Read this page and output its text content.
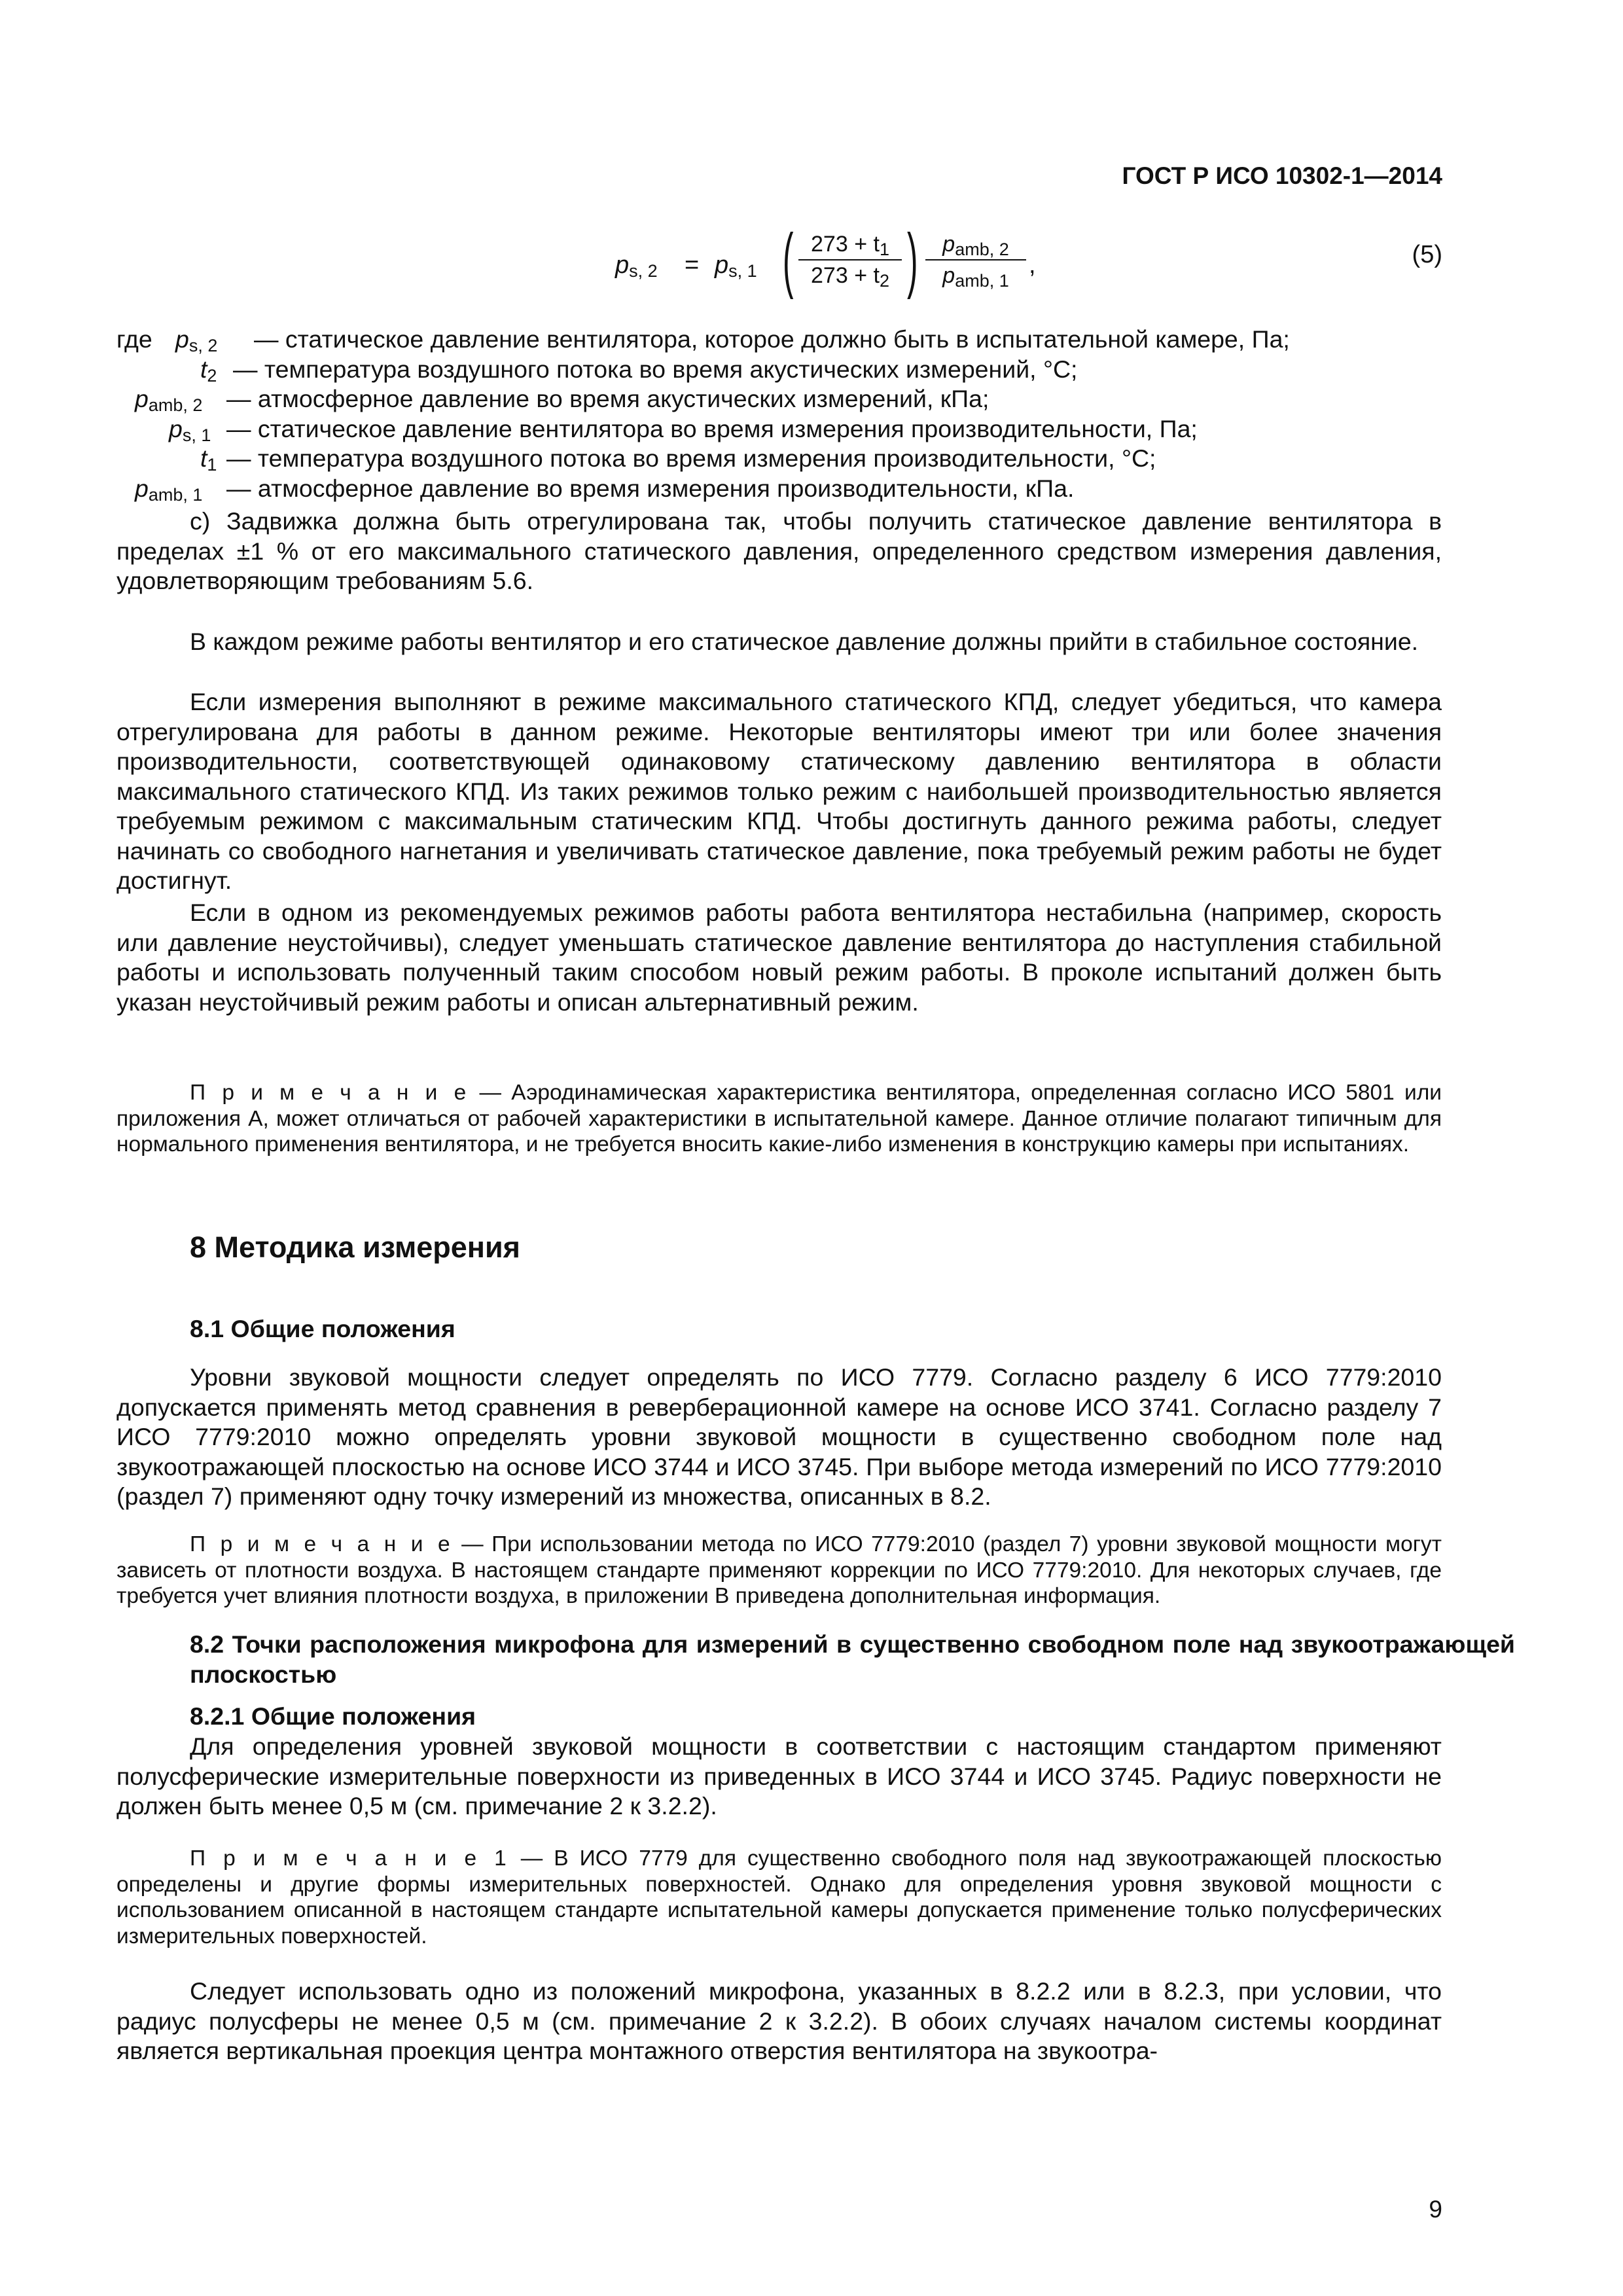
ГОСТ Р ИСО 10302-1—2014
$p_{s, 2} = p_{s, 1}$ ( $273 + t_1$
$273 + t_2$ )	$p_{amb, 2}$
$p_{amb, 1}$
,	(5)
где $p_{s, 2}$ — статическое давление вентилятора, которое должно быть в испытательной камере, Па;
$t_2$ — температура воздушного потока во время акустических измерений, °С;
$p_{amb, 2}$ — атмосферное давление во время акустических измерений, кПа;
$p_{s, 1}$ — статическое давление вентилятора во время измерения производительности, Па;
$t_1$ — температура воздушного потока во время измерения производительности, °С;
$p_{amb, 1}$ — атмосферное давление во время измерения производительности, кПа.

с) Задвижка должна быть отрегулирована так, чтобы получить статическое давление вентилятора в пределах ±1 % от его максимального статического давления, определенного средством измерения давления, удовлетворяющим требованиям 5.6.

В каждом режиме работы вентилятор и его статическое давление должны прийти в стабильное состояние.

Если измерения выполняют в режиме максимального статического КПД, следует убедиться, что камера отрегулирована для работы в данном режиме. Некоторые вентиляторы имеют три или более значения производительности, соответствующей одинаковому статическому давлению вентилятора в области максимального статического КПД. Из таких режимов только режим с наибольшей производительностью является требуемым режимом с максимальным статическим КПД. Чтобы достигнуть данного режима работы, следует начинать со свободного нагнетания и увеличивать статическое давление, пока требуемый режим работы не будет достигнут.

Если в одном из рекомендуемых режимов работы работа вентилятора нестабильна (например, скорость или давление неустойчивы), следует уменьшать статическое давление вентилятора до наступления стабильной работы и использовать полученный таким способом новый режим работы. В проколе испытаний должен быть указан неустойчивый режим работы и описан альтернативный режим.

П р и м е ч а н и е — Аэродинамическая характеристика вентилятора, определенная согласно ИСО 5801 или приложения А, может отличаться от рабочей характеристики в испытательной камере. Данное отличие полагают типичным для нормального применения вентилятора, и не требуется вносить какие-либо изменения в конструкцию камеры при испытаниях.

8 Методика измерения
8.1 Общие положения

Уровни звуковой мощности следует определять по ИСО 7779. Согласно разделу 6 ИСО 7779:2010 допускается применять метод сравнения в реверберационной камере на основе ИСО 3741. Согласно разделу 7 ИСО 7779:2010 можно определять уровни звуковой мощности в существенно свободном поле над звукоотражающей плоскостью на основе ИСО 3744 и ИСО 3745. При выборе метода измерений по ИСО 7779:2010 (раздел 7) применяют одну точку измерений из множества, описанных в 8.2.

П р и м е ч а н и е — При использовании метода по ИСО 7779:2010 (раздел 7) уровни звуковой мощности могут зависеть от плотности воздуха. В настоящем стандарте применяют коррекции по ИСО 7779:2010. Для некоторых случаев, где требуется учет влияния плотности воздуха, в приложении В приведена дополнительная информация.

8.2 Точки расположения микрофона для измерений в существенно свободном поле над звукоотражающей плоскостью
8.2.1 Общие положения

Для определения уровней звуковой мощности в соответствии с настоящим стандартом применяют полусферические измерительные поверхности из приведенных в ИСО 3744 и ИСО 3745. Радиус поверхности не должен быть менее 0,5 м (см. примечание 2 к 3.2.2).

П р и м е ч а н и е 1 — В ИСО 7779 для существенно свободного поля над звукоотражающей плоскостью определены и другие формы измерительных поверхностей. Однако для определения уровня звуковой мощности с использованием описанной в настоящем стандарте испытательной камеры допускается применение только полусферических измерительных поверхностей.

Следует использовать одно из положений микрофона, указанных в 8.2.2 или в 8.2.3, при условии, что радиус полусферы не менее 0,5 м (см. примечание 2 к 3.2.2). В обоих случаях началом системы координат является вертикальная проекция центра монтажного отверстия вентилятора на звукоотра-

9
